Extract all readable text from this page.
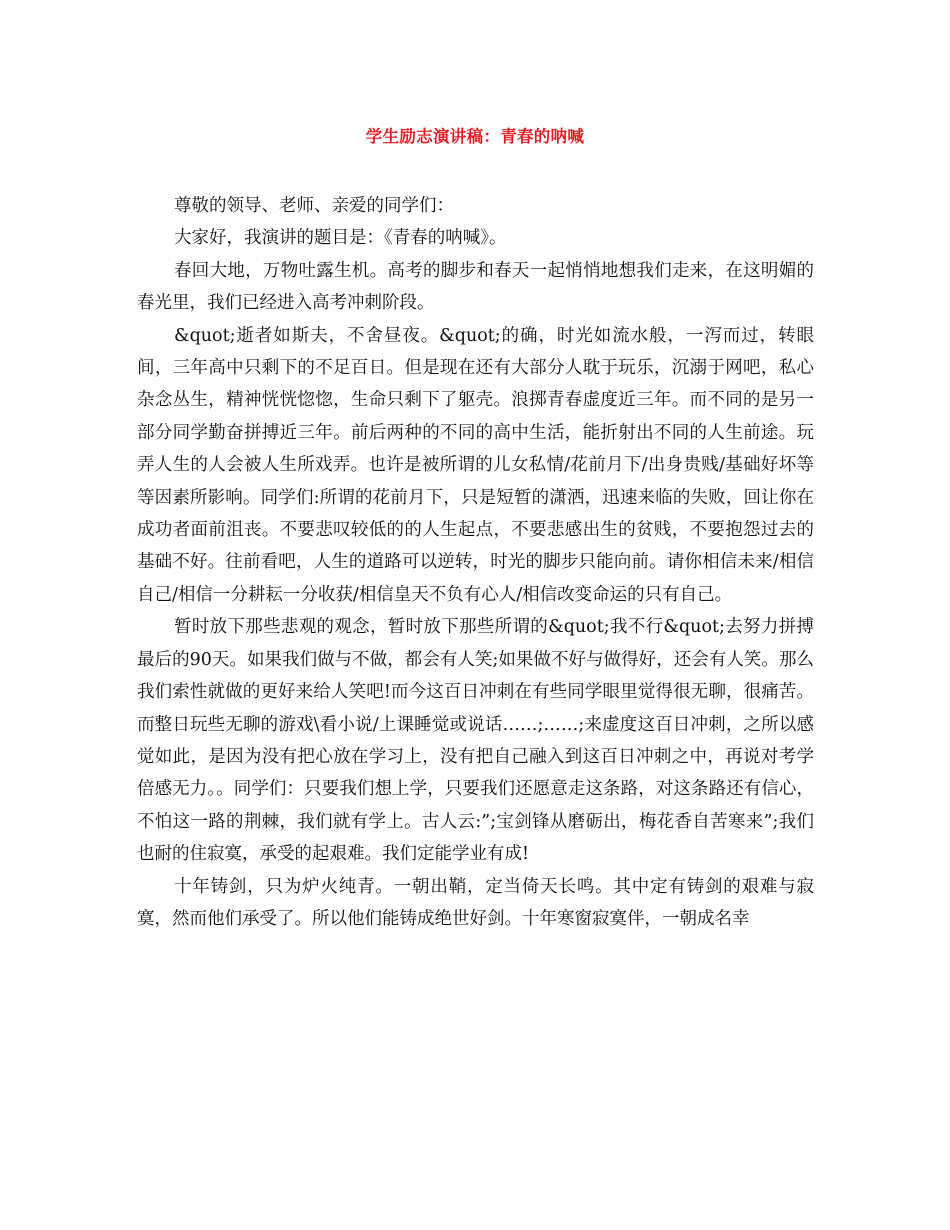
学生励志演讲稿：青春的呐喊

尊敬的领导、老师、亲爱的同学们：

大家好，我演讲的题目是：《青春的呐喊》。

春回大地，万物吐露生机。高考的脚步和春天一起悄悄地想我们走来，在这明媚的春光里，我们已经进入高考冲刺阶段。

&quot;逝者如斯夫，不舍昼夜。&quot;的确，时光如流水般，一泻而过，转眼间，三年高中只剩下的不足百日。但是现在还有大部分人耽于玩乐，沉溺于网吧，私心杂念丛生，精神恍恍惚惚，生命只剩下了躯壳。浪掷青春虚度近三年。而不同的是另一部分同学勤奋拼搏近三年。前后两种的不同的高中生活，能折射出不同的人生前途。玩弄人生的人会被人生所戏弄。也许是被所谓的儿女私情/花前月下/出身贵贱/基础好坏等等因素所影响。同学们:所谓的花前月下，只是短暂的潇洒，迅速来临的失败，回让你在成功者面前沮丧。不要悲叹较低的的人生起点，不要悲感出生的贫贱，不要抱怨过去的基础不好。往前看吧，人生的道路可以逆转，时光的脚步只能向前。请你相信未来/相信自己/相信一分耕耘一分收获/相信皇天不负有心人/相信改变命运的只有自己。

暂时放下那些悲观的观念，暂时放下那些所谓的&quot;我不行&quot;去努力拼搏最后的90天。如果我们做与不做，都会有人笑;如果做不好与做得好，还会有人笑。那么我们索性就做的更好来给人笑吧!而今这百日冲刺在有些同学眼里觉得很无聊，很痛苦。而整日玩些无聊的游戏\看小说/上课睡觉或说话……;……;来虚度这百日冲刺，之所以感觉如此，是因为没有把心放在学习上，没有把自己融入到这百日冲刺之中，再说对考学倍感无力。。同学们：只要我们想上学，只要我们还愿意走这条路，对这条路还有信心，不怕这一路的荆棘，我们就有学上。古人云:”;宝剑锋从磨砺出，梅花香自苦寒来”;我们也耐的住寂寞，承受的起艰难。我们定能学业有成!

十年铸剑，只为炉火纯青。一朝出鞘，定当倚天长鸣。其中定有铸剑的艰难与寂寞，然而他们承受了。所以他们能铸成绝世好剑。十年寒窗寂寞伴，一朝成名幸
